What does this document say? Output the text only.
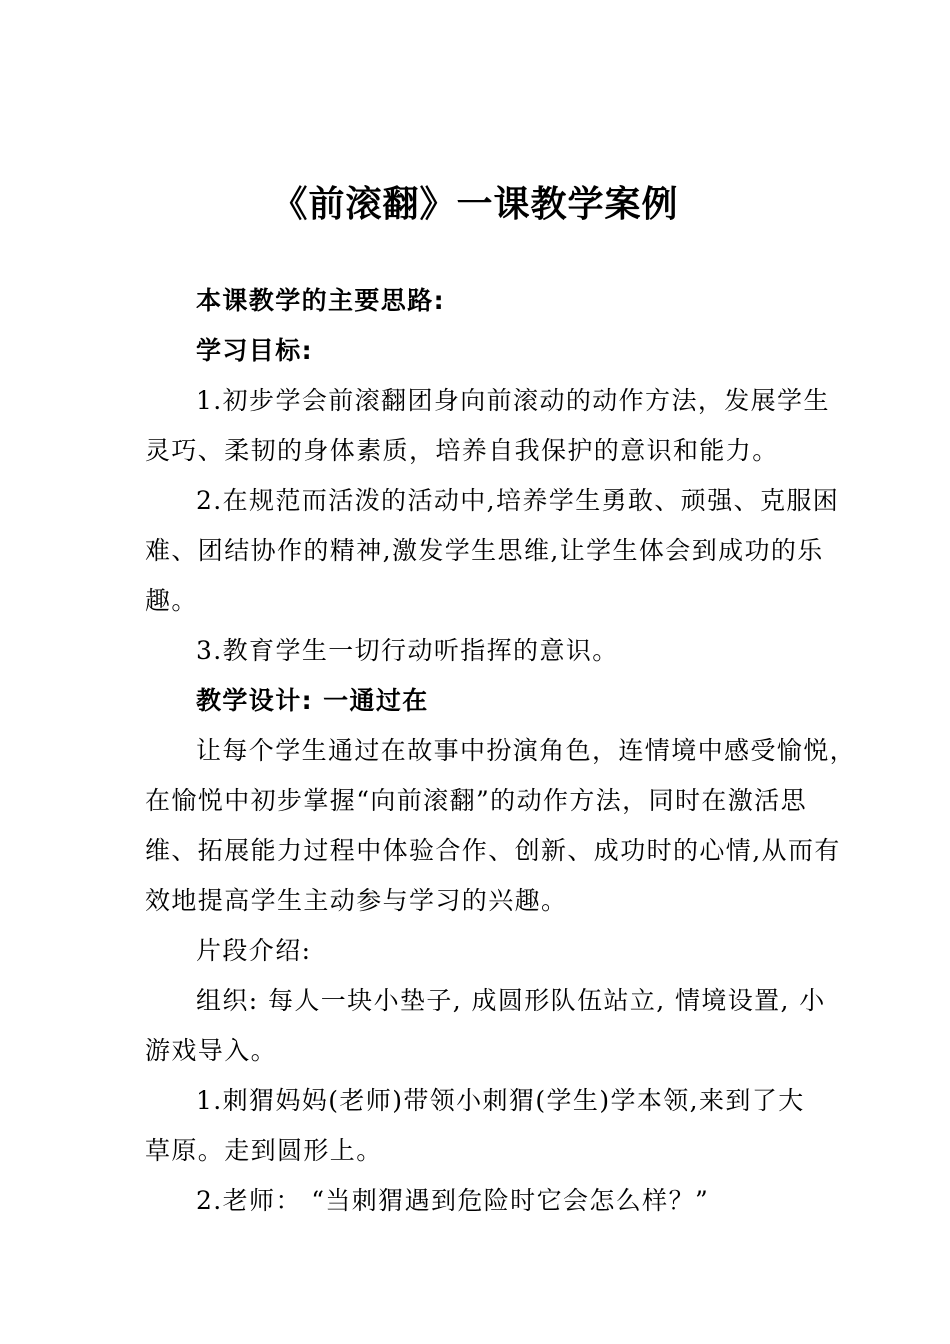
《前滚翻》一课教学案例
本课教学的主要思路:
学习目标:
1.初步学会前滚翻团身向前滚动的动作方法，发展学生
灵巧、柔韧的身体素质，培养自我保护的意识和能力。
2.在规范而活泼的活动中,培养学生勇敢、顽强、克服困
难、团结协作的精神,激发学生思维,让学生体会到成功的乐
趣。
3.教育学生一切行动听指挥的意识。
教学设计: 一通过在
让每个学生通过在故事中扮演角色，连情境中感受愉悦，
在愉悦中初步掌握“向前滚翻”的动作方法，同时在激活思
维、拓展能力过程中体验合作、创新、成功时的心情,从而有
效地提高学生主动参与学习的兴趣。
片段介绍:
组织: 每人一块小垫子, 成圆形队伍站立, 情境设置, 小
游戏导入。
1.刺猬妈妈(老师)带领小刺猬(学生)学本领,来到了大
草原。走到圆形上。
2.老师： “当刺猬遇到危险时它会怎么样？”
